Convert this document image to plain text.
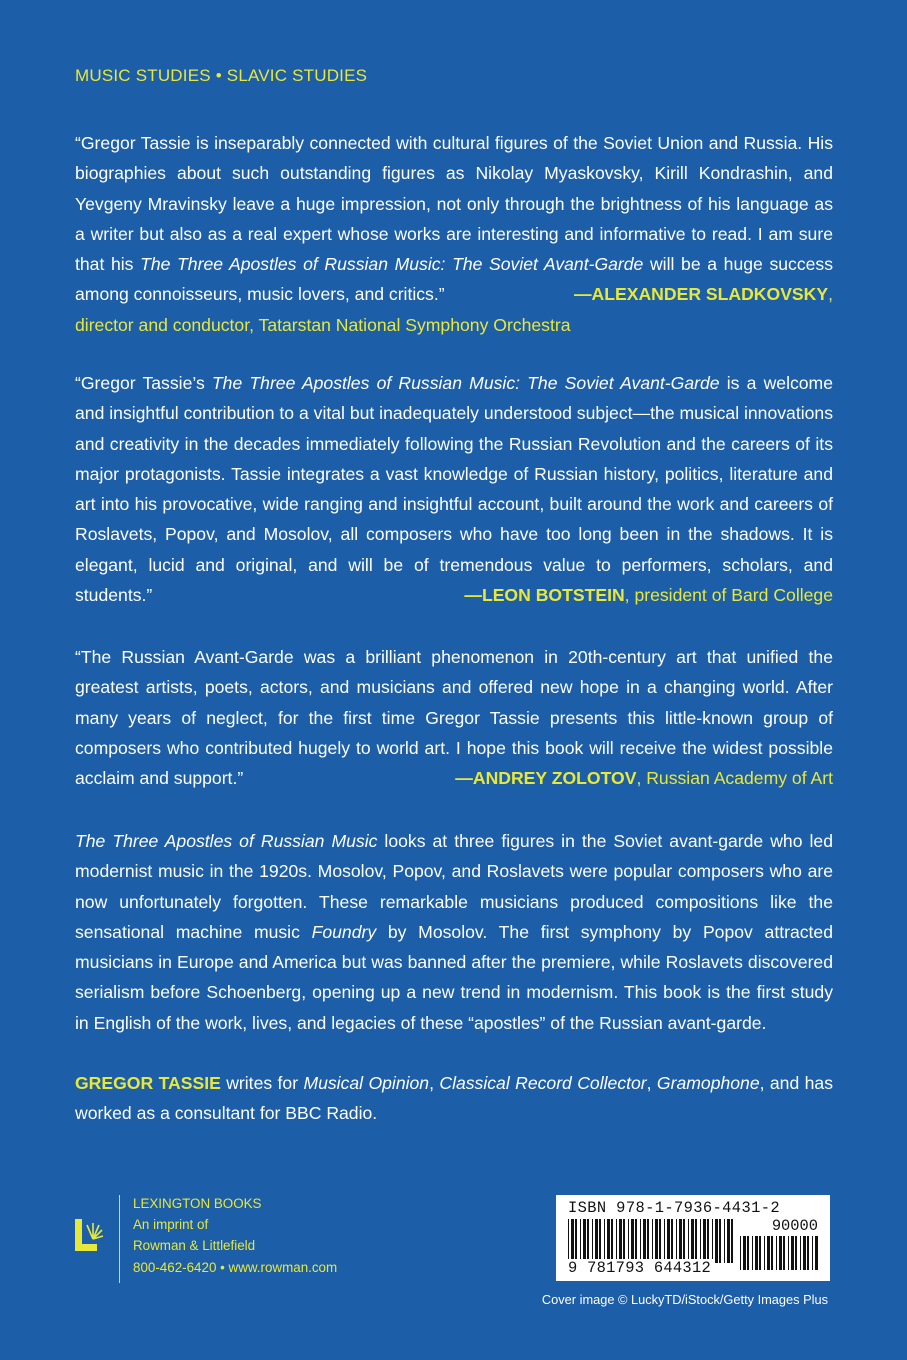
MUSIC STUDIES • SLAVIC STUDIES
“Gregor Tassie is inseparably connected with cultural figures of the Soviet Union and Russia. His biographies about such outstanding figures as Nikolay Myaskovsky, Kirill Kondrashin, and Yevgeny Mravinsky leave a huge impression, not only through the brightness of his language as a writer but also as a real expert whose works are interesting and informative to read. I am sure that his The Three Apostles of Russian Music: The Soviet Avant-Garde will be a huge success among connoisseurs, music lovers, and critics.”	—ALEXANDER SLADKOVSKY,
director and conductor, Tatarstan National Symphony Orchestra
“Gregor Tassie’s The Three Apostles of Russian Music: The Soviet Avant-Garde is a welcome and insightful contribution to a vital but inadequately understood subject—the musical innovations and creativity in the decades immediately following the Russian Revolution and the careers of its major protagonists. Tassie integrates a vast knowledge of Russian history, politics, literature and art into his provocative, wide ranging and insightful account, built around the work and careers of Roslavets, Popov, and Mosolov, all composers who have too long been in the shadows. It is elegant, lucid and original, and will be of tremendous value to performers, scholars, and students.”	—LEON BOTSTEIN, president of Bard College
“The Russian Avant-Garde was a brilliant phenomenon in 20th-century art that unified the greatest artists, poets, actors, and musicians and offered new hope in a changing world. After many years of neglect, for the first time Gregor Tassie presents this little-known group of composers who contributed hugely to world art. I hope this book will receive the widest possible acclaim and support.”	—ANDREY ZOLOTOV, Russian Academy of Art
The Three Apostles of Russian Music looks at three figures in the Soviet avant-garde who led modernist music in the 1920s. Mosolov, Popov, and Roslavets were popular composers who are now unfortunately forgotten. These remarkable musicians produced compositions like the sensational machine music Foundry by Mosolov. The first symphony by Popov attracted musicians in Europe and America but was banned after the premiere, while Roslavets discovered serialism before Schoenberg, opening up a new trend in modernism. This book is the first study in English of the work, lives, and legacies of these “apostles” of the Russian avant-garde.
GREGOR TASSIE writes for Musical Opinion, Classical Record Collector, Gramophone, and has worked as a consultant for BBC Radio.
LEXINGTON BOOKS
An imprint of
Rowman & Littlefield
800-462-6420 • www.rowman.com
ISBN 978-1-7936-4431-2
90000
9 781793 644312
Cover image © LuckyTD/iStock/Getty Images Plus
